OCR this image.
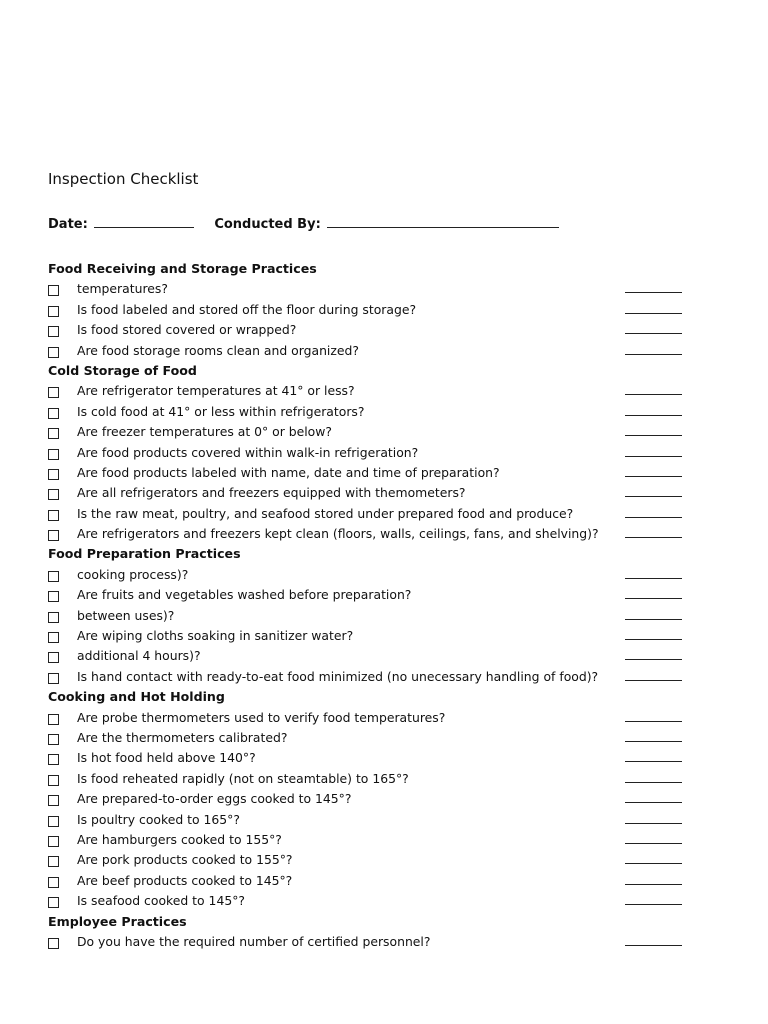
Inspection Checklist
Date:	Conducted By:
Food Receiving and Storage Practices

temperatures?
Is food labeled and stored off the floor during storage?
Is food stored covered or wrapped?
Are food storage rooms clean and organized?
Cold Storage of Food
Are refrigerator temperatures at 41° or less?
Is cold food at 41° or less within refrigerators?
Are freezer temperatures at 0° or below?
Are food products covered within walk-in refrigeration?
Are food products labeled with name, date and time of preparation?
Are all refrigerators and freezers equipped with themometers?
Is the raw meat, poultry, and seafood stored under prepared food and produce?
Are refrigerators and freezers kept clean (floors, walls, ceilings, fans, and shelving)?
Food Preparation Practices

cooking process)?
Are fruits and vegetables washed before preparation?

between uses)?
Are wiping cloths soaking in sanitizer water?

additional 4 hours)?
Is hand contact with ready-to-eat food minimized (no unecessary handling of food)?
Cooking and Hot Holding
Are probe thermometers used to verify food temperatures?
Are the thermometers calibrated?
Is hot food held above 140°?
Is food reheated rapidly (not on steamtable) to 165°?
Are prepared-to-order eggs cooked to 145°?
Is poultry cooked to 165°?
Are hamburgers cooked to 155°?
Are pork products cooked to 155°?
Are beef products cooked to 145°?
Is seafood cooked to 145°?
Employee Practices
Do you have the required number of certified personnel?
